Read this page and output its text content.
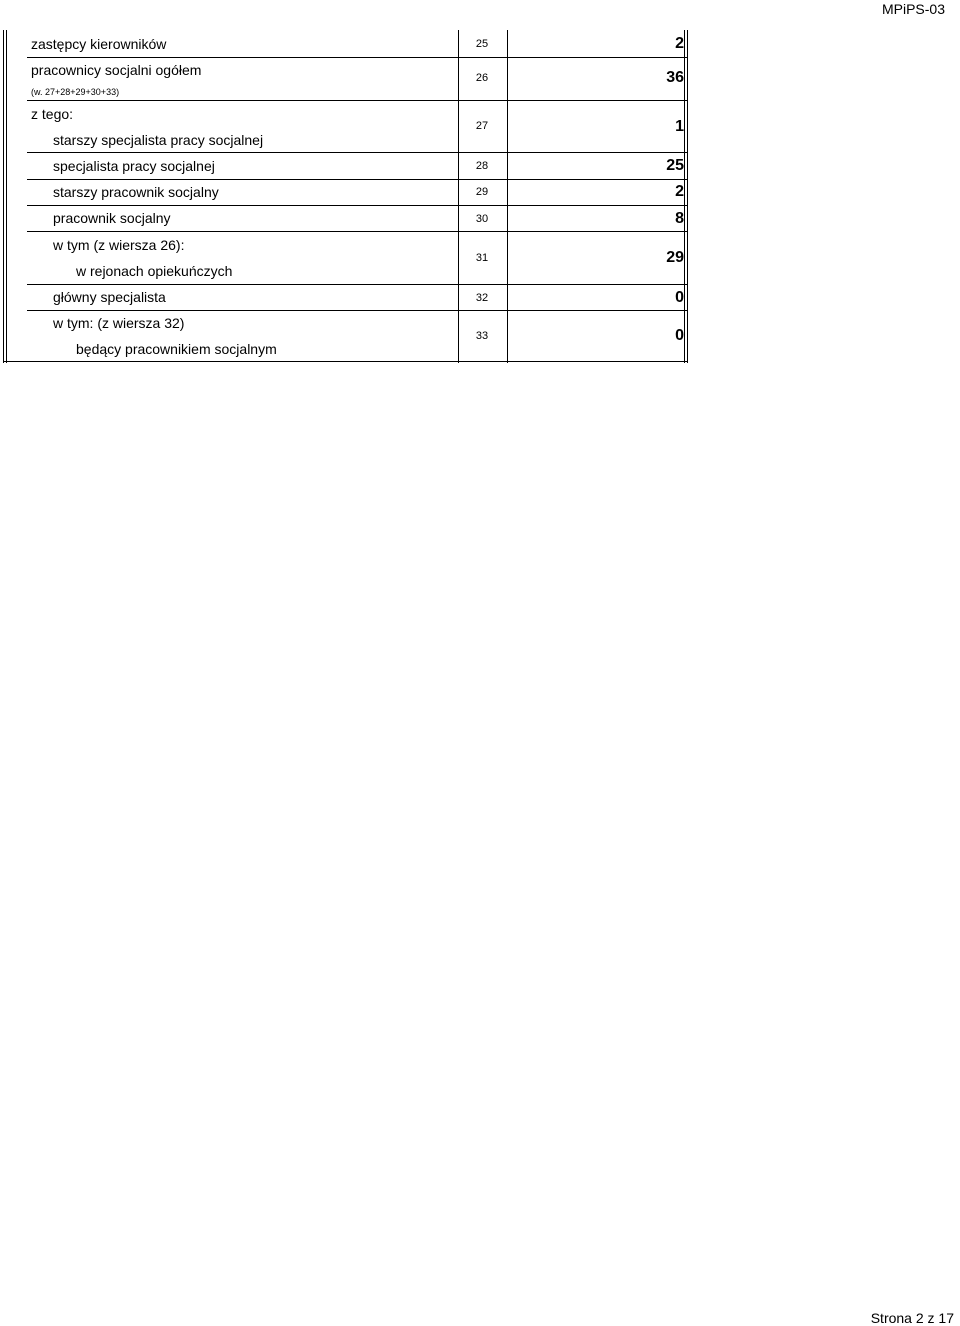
MPiPS-03
zastępcy kierowników	25	2
pracownicy socjalni ogółem
(w. 27+28+29+30+33)
26	36
z tego:
starszy specjalista pracy socjalnej
27	1
specjalista pracy socjalnej	28	25
starszy pracownik socjalny	29	2
pracownik socjalny	30	8
w tym (z wiersza 26):
w rejonach opiekuńczych
31	29
główny specjalista	32	0
w tym: (z wiersza 32)
będący pracownikiem socjalnym
33	0
Strona 2 z 17
